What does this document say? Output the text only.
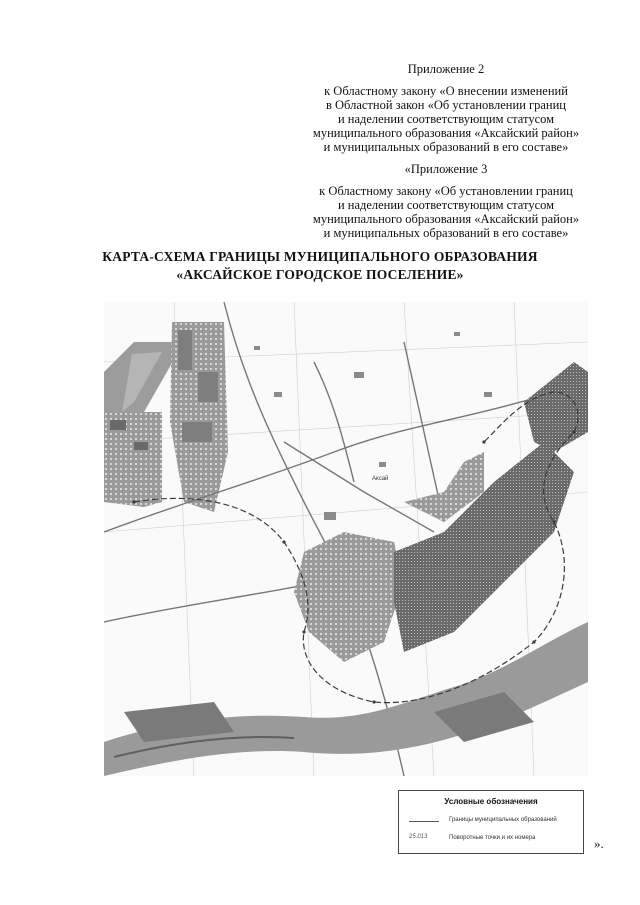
Приложение 2
к Областному закону «О внесении изменений
в Областной закон «Об установлении границ
и наделении соответствующим статусом
муниципального образования «Аксайский район»
и муниципальных образований в его составе»
«Приложение 3
к Областному закону «Об установлении границ
и наделении соответствующим статусом
муниципального образования «Аксайский район»
и муниципальных образований в его составе»
КАРТА-СХЕМА ГРАНИЦЫ МУНИЦИПАЛЬНОГО ОБРАЗОВАНИЯ
«АКСАЙСКОЕ ГОРОДСКОЕ ПОСЕЛЕНИЕ»
Аксай
Условные обозначения
Границы муниципальных образований
25.013	Поворотные точки и их номера	».
